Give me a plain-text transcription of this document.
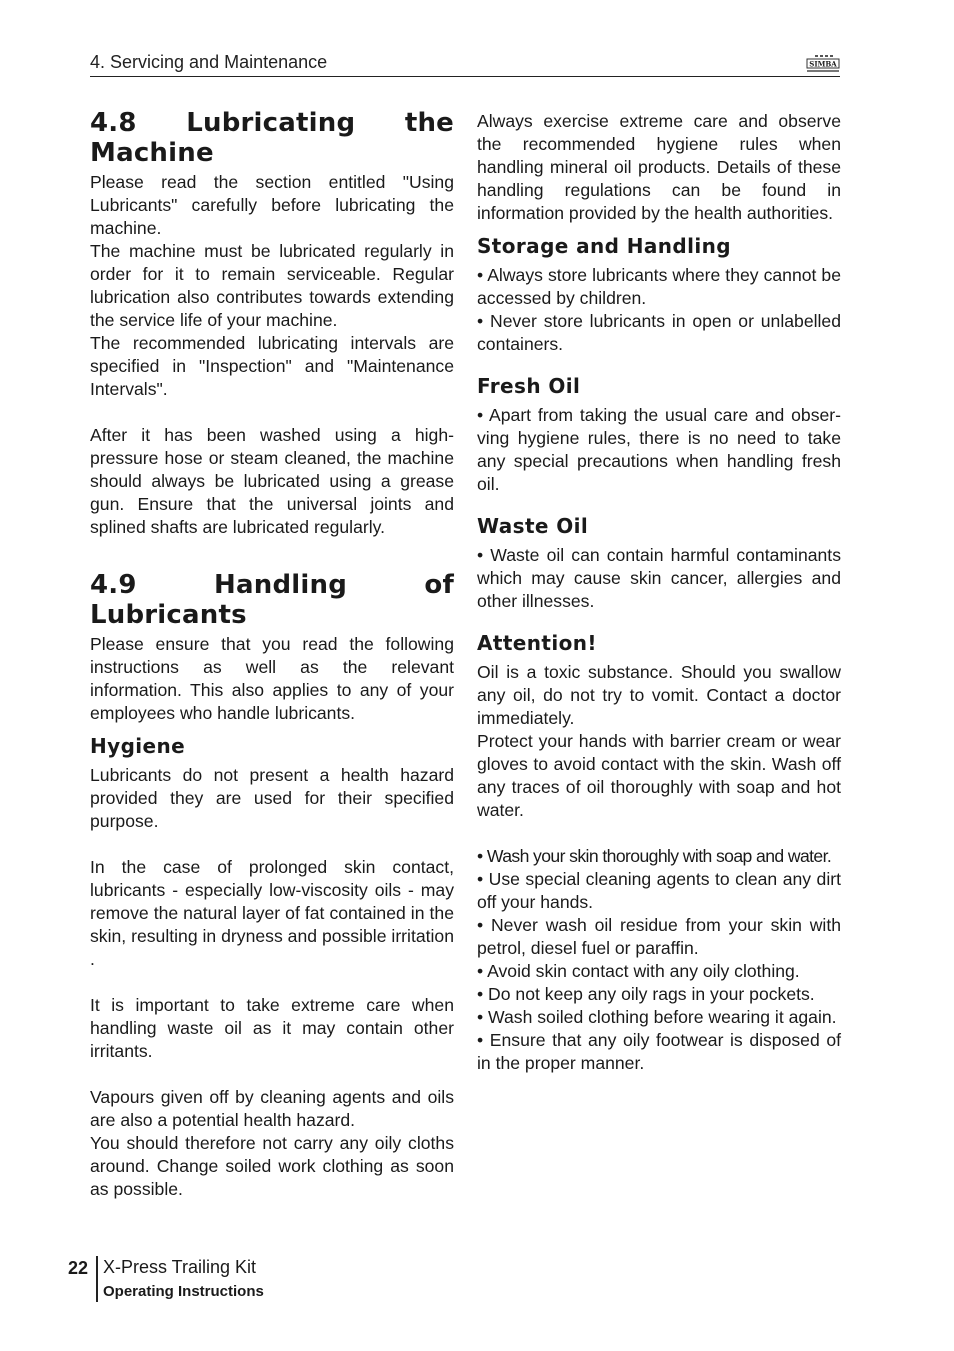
4. Servicing and Maintenance	SIMBA
4.8 Lubricating the Machine

Please read the section entitled "Using Lubricants" carefully before lubricating the machine.

The machine must be lubricated regularly in order for it to remain serviceable. Regular lubrication also contributes towards extending the service life of your machine.

The recommended lubricating intervals are specified in "Inspection" and "Maintenance Intervals".

After it has been washed using a high-pressure hose or steam cleaned, the machine should always be lubricated using a grease gun. Ensure that the universal joints and splined shafts are lubricated regularly.

4.9 Handling of Lubricants

Please ensure that you read the following instructions as well as the relevant information. This also applies to any of your employees who handle lubricants.

Hygiene

Lubricants do not present a health hazard provided they are used for their specified purpose.

In the case of prolonged skin contact, lubricants - especially low-viscosity oils - may remove the natural layer of fat contained in the skin, resulting in dryness and possible irritation .

It is important to take extreme care when handling waste oil as it may contain other irritants.

Vapours given off by cleaning agents and oils are also a potential health hazard.

You should therefore not carry any oily cloths around. Change soiled work clothing as soon as possible.

Always exercise extreme care and observe the recommended hygiene rules when handling mineral oil products. Details of these handling regulations can be found in information provided by the health authorities.

Storage and Handling

• Always store lubricants where they cannot be accessed by children.

• Never store lubricants in open or unlabelled containers.

Fresh Oil

• Apart from taking the usual care and obser-ving hygiene rules, there is no need to take any special precautions when handling fresh oil.

Waste Oil

• Waste oil can contain harmful contaminants which may cause skin cancer, allergies and other illnesses.

Attention!

Oil is a toxic substance. Should you swallow any oil, do not try to vomit. Contact a doctor immediately.

Protect your hands with barrier cream or wear gloves to avoid contact with the skin. Wash off any traces of oil thoroughly with soap and hot water.

• Wash your skin thoroughly with soap and water.

• Use special cleaning agents to clean any dirt off your hands.

• Never wash oil residue from your skin with petrol, diesel fuel or paraffin.

• Avoid skin contact with any oily clothing.

• Do not keep any oily rags in your pockets.

• Wash soiled clothing before wearing it again.

• Ensure that any oily footwear is disposed of in the proper manner.

22 X-Press Trailing Kit
Operating Instructions
